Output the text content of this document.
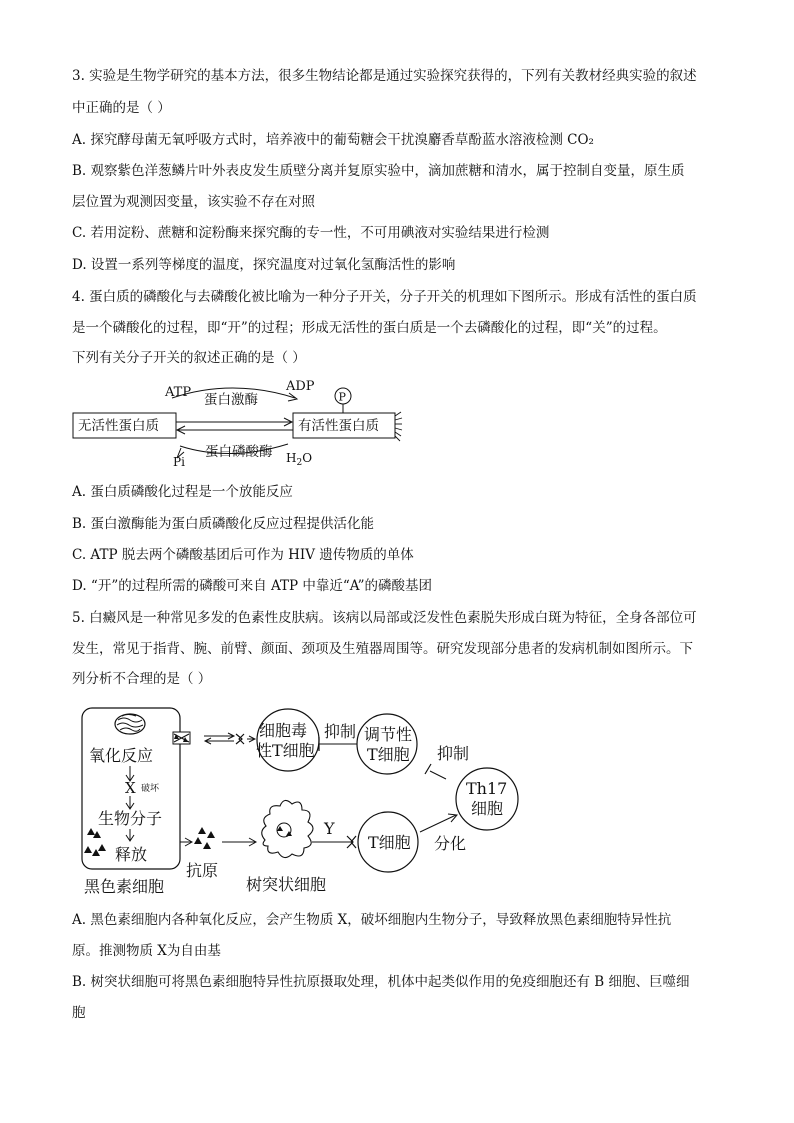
3. 实验是生物学研究的基本方法，很多生物结论都是通过实验探究获得的，下列有关教材经典实验的叙述
中正确的是（ ）
A. 探究酵母菌无氧呼吸方式时，培养液中的葡萄糖会干扰溴麝香草酚蓝水溶液检测 CO₂
B. 观察紫色洋葱鳞片叶外表皮发生质壁分离并复原实验中，滴加蔗糖和清水，属于控制自变量，原生质
层位置为观测因变量，该实验不存在对照
C. 若用淀粉、蔗糖和淀粉酶来探究酶的专一性，不可用碘液对实验结果进行检测
D. 设置一系列等梯度的温度，探究温度对过氧化氢酶活性的影响
4. 蛋白质的磷酸化与去磷酸化被比喻为一种分子开关，分子开关的机理如下图所示。形成有活性的蛋白质
是一个磷酸化的过程，即“开”的过程；形成无活性的蛋白质是一个去磷酸化的过程，即“关”的过程。
下列有关分子开关的叙述正确的是（ ）
ATP	ADP
P
蛋白激酶
无活性蛋白质	有活性蛋白质
蛋白磷酸酶
Pi	$H_2O$
A. 蛋白质磷酸化过程是一个放能反应
B. 蛋白激酶能为蛋白质磷酸化反应过程提供活化能
C. ATP 脱去两个磷酸基团后可作为 HIV 遗传物质的单体
D. “开”的过程所需的磷酸可来自 ATP 中靠近“A”的磷酸基团
5. 白癜风是一种常见多发的色素性皮肤病。该病以局部或泛发性色素脱失形成白斑为特征，全身各部位可
发生，常见于指背、腕、前臂、颜面、颈项及生殖器周围等。研究发现部分患者的发病机制如图所示。下
列分析不合理的是（ ）
氧化反应
X 破坏
生物分子
释放
黑色素细胞
抗原
树突状细胞
细胞毒
性T细胞
抑制 调节性
T细胞 抑制
Th17
细胞
Y
T细胞 分化
A. 黑色素细胞内各种氧化反应，会产生物质 X，破坏细胞内生物分子，导致释放黑色素细胞特异性抗
原。推测物质 X为自由基
B. 树突状细胞可将黑色素细胞特异性抗原摄取处理，机体中起类似作用的免疫细胞还有 B 细胞、巨噬细
胞
